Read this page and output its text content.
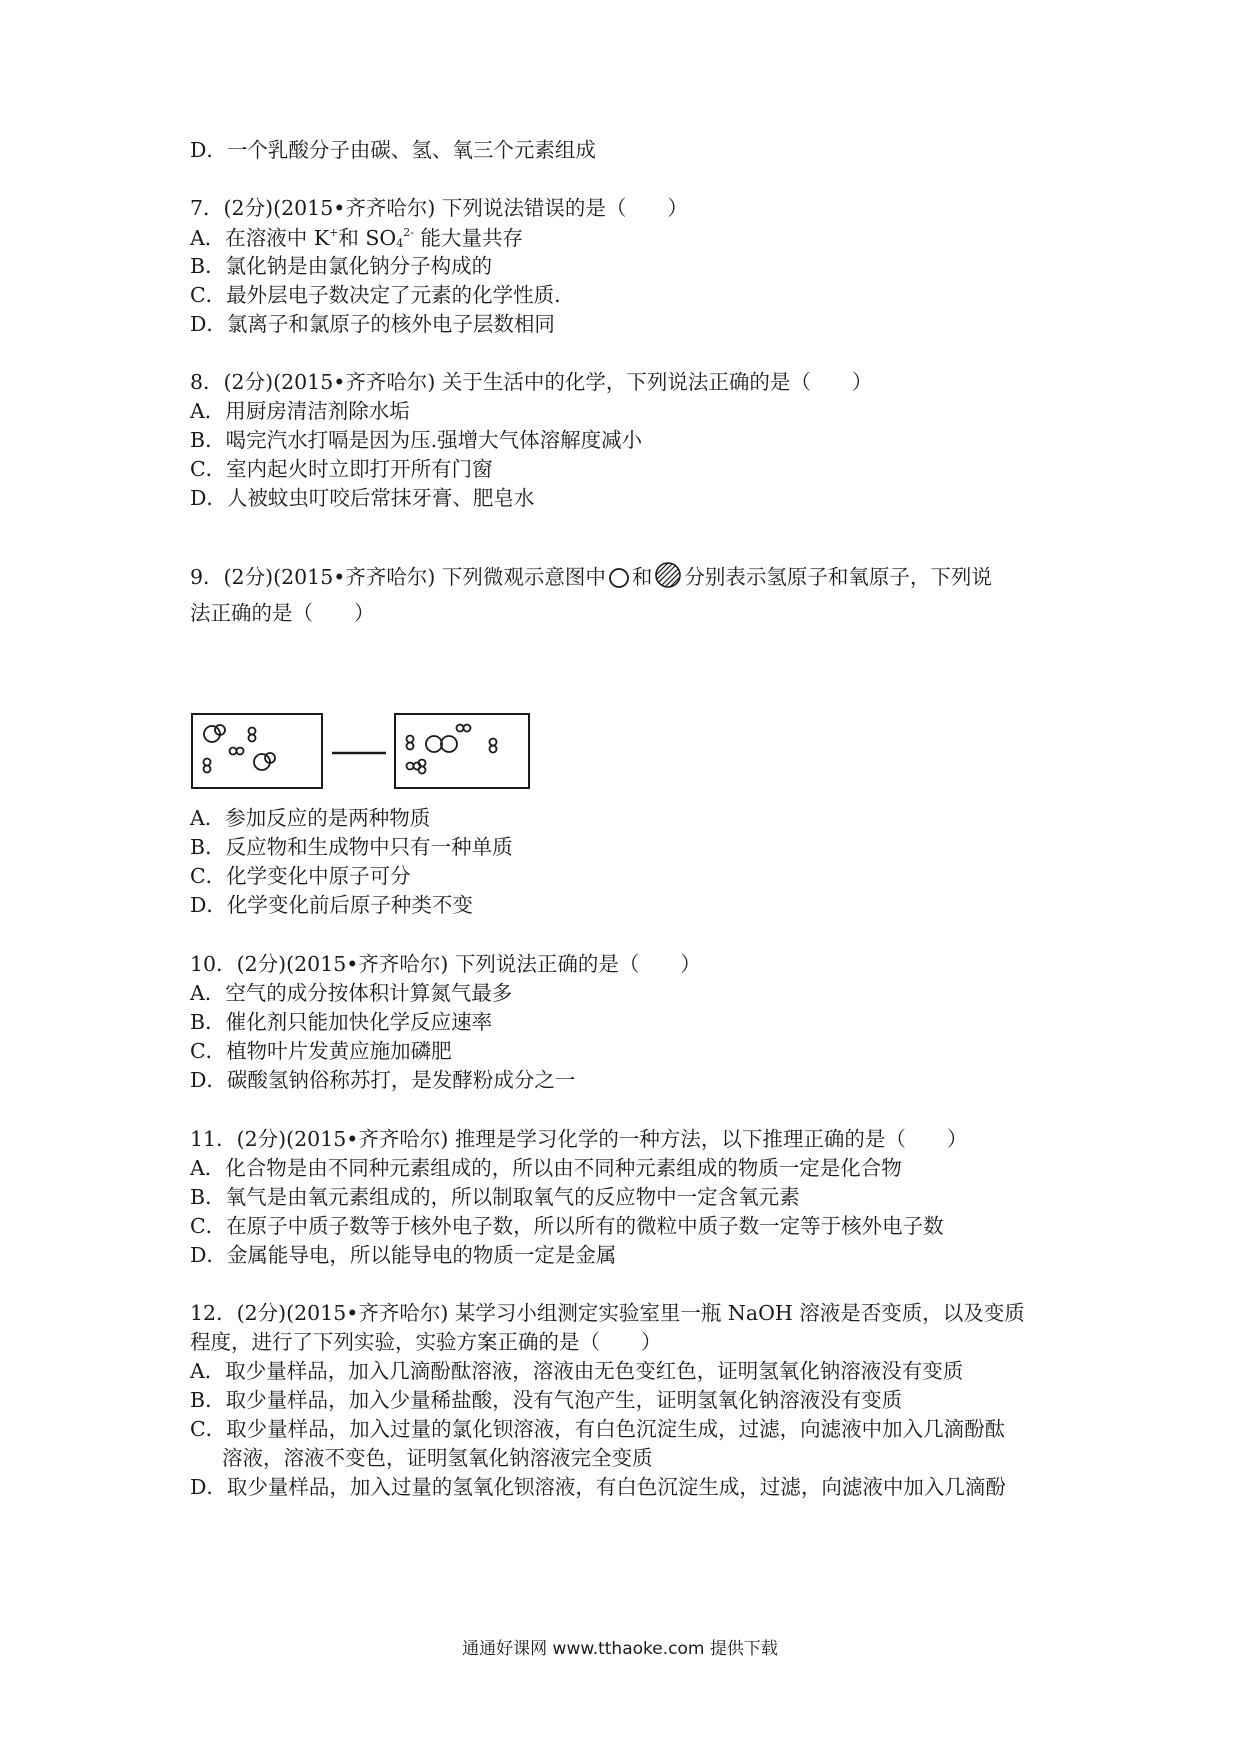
D．一个乳酸分子由碳、氢、氧三个元素组成
7．(2分)(2015•齐齐哈尔) 下列说法错误的是（　　）
A．在溶液中 K+和 $SO_4^{2-}$ 能大量共存
B．氯化钠是由氯化钠分子构成的
C．最外层电子数决定了元素的化学性质.
D．氯离子和氯原子的核外电子层数相同
8．(2分)(2015•齐齐哈尔) 关于生活中的化学，下列说法正确的是（　　）
A．用厨房清洁剂除水垢
B．喝完汽水打嗝是因为压.强增大气体溶解度减小
C．室内起火时立即打开所有门窗
D．人被蚊虫叮咬后常抹牙膏、肥皂水
9．(2分)(2015•齐齐哈尔) 下列微观示意图中 和 分别表示氢原子和氧原子，下列说
法正确的是（　　）
A．参加反应的是两种物质
B．反应物和生成物中只有一种单质
C．化学变化中原子可分
D．化学变化前后原子种类不变
10．(2分)(2015•齐齐哈尔) 下列说法正确的是（　　）
A．空气的成分按体积计算氮气最多
B．催化剂只能加快化学反应速率
C．植物叶片发黄应施加磷肥
D．碳酸氢钠俗称苏打，是发酵粉成分之一
11．(2分)(2015•齐齐哈尔) 推理是学习化学的一种方法，以下推理正确的是（　　）
A．化合物是由不同种元素组成的，所以由不同种元素组成的物质一定是化合物
B．氧气是由氧元素组成的，所以制取氧气的反应物中一定含氧元素
C．在原子中质子数等于核外电子数，所以所有的微粒中质子数一定等于核外电子数
D．金属能导电，所以能导电的物质一定是金属
12．(2分)(2015•齐齐哈尔) 某学习小组测定实验室里一瓶 NaOH 溶液是否变质，以及变质
程度，进行了下列实验，实验方案正确的是（　　）
A．取少量样品，加入几滴酚酞溶液，溶液由无色变红色，证明氢氧化钠溶液没有变质
B．取少量样品，加入少量稀盐酸，没有气泡产生，证明氢氧化钠溶液没有变质
C．取少量样品，加入过量的氯化钡溶液，有白色沉淀生成，过滤，向滤液中加入几滴酚酞
溶液，溶液不变色，证明氢氧化钠溶液完全变质
D．取少量样品，加入过量的氢氧化钡溶液，有白色沉淀生成，过滤，向滤液中加入几滴酚
通通好课网 www.tthaoke.com 提供下载
